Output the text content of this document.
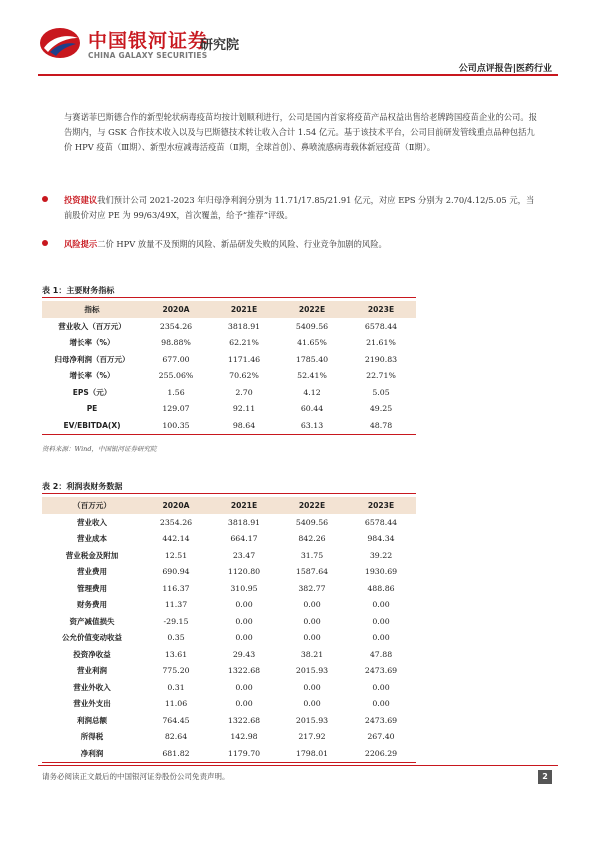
中国银河证券
CHINA GALAXY SECURITIES
研究院
公司点评报告|医药行业
与赛诺菲巴斯德合作的新型轮状病毒疫苗均按计划顺利进行，公司是国内首家将疫苗产品权益出售给老牌跨国疫苗企业的公司。报告期内，与 GSK 合作技术收入以及与巴斯德技术转让收入合计 1.54 亿元。基于该技术平台，公司目前研发管线重点品种包括九价 HPV 疫苗（Ⅲ期）、新型水痘减毒活疫苗（Ⅱ期，全球首创）、鼻喷流感病毒载体新冠疫苗（Ⅱ期）。
投资建议我们预计公司 2021-2023 年归母净利润分别为 11.71/17.85/21.91 亿元，对应 EPS 分别为 2.70/4.12/5.05 元，当前股价对应 PE 为 99/63/49X，首次覆盖，给予“推荐”评级。
风险提示二价 HPV 放量不及预期的风险、新品研发失败的风险、行业竞争加剧的风险。
表 1：主要财务指标
指标	2020A	2021E	2022E	2023E
营业收入（百万元）	2354.26	3818.91	5409.56	6578.44
增长率（%）	98.88%	62.21%	41.65%	21.61%
归母净利润（百万元）	677.00	1171.46	1785.40	2190.83
增长率（%）	255.06%	70.62%	52.41%	22.71%
EPS（元）	1.56	2.70	4.12	5.05
PE	129.07	92.11	60.44	49.25
EV/EBITDA(X)	100.35	98.64	63.13	48.78
资料来源：Wind，中国银河证券研究院
表 2：利润表财务数据
（百万元）	2020A	2021E	2022E	2023E
营业收入	2354.26	3818.91	5409.56	6578.44
营业成本	442.14	664.17	842.26	984.34
营业税金及附加	12.51	23.47	31.75	39.22
营业费用	690.94	1120.80	1587.64	1930.69
管理费用	116.37	310.95	382.77	488.86
财务费用	11.37	0.00	0.00	0.00
资产减值损失	-29.15	0.00	0.00	0.00
公允价值变动收益	0.35	0.00	0.00	0.00
投资净收益	13.61	29.43	38.21	47.88
营业利润	775.20	1322.68	2015.93	2473.69
营业外收入	0.31	0.00	0.00	0.00
营业外支出	11.06	0.00	0.00	0.00
利润总额	764.45	1322.68	2015.93	2473.69
所得税	82.64	142.98	217.92	267.40
净利润	681.82	1179.70	1798.01	2206.29
请务必阅读正文最后的中国银河证券股份公司免责声明。	2
